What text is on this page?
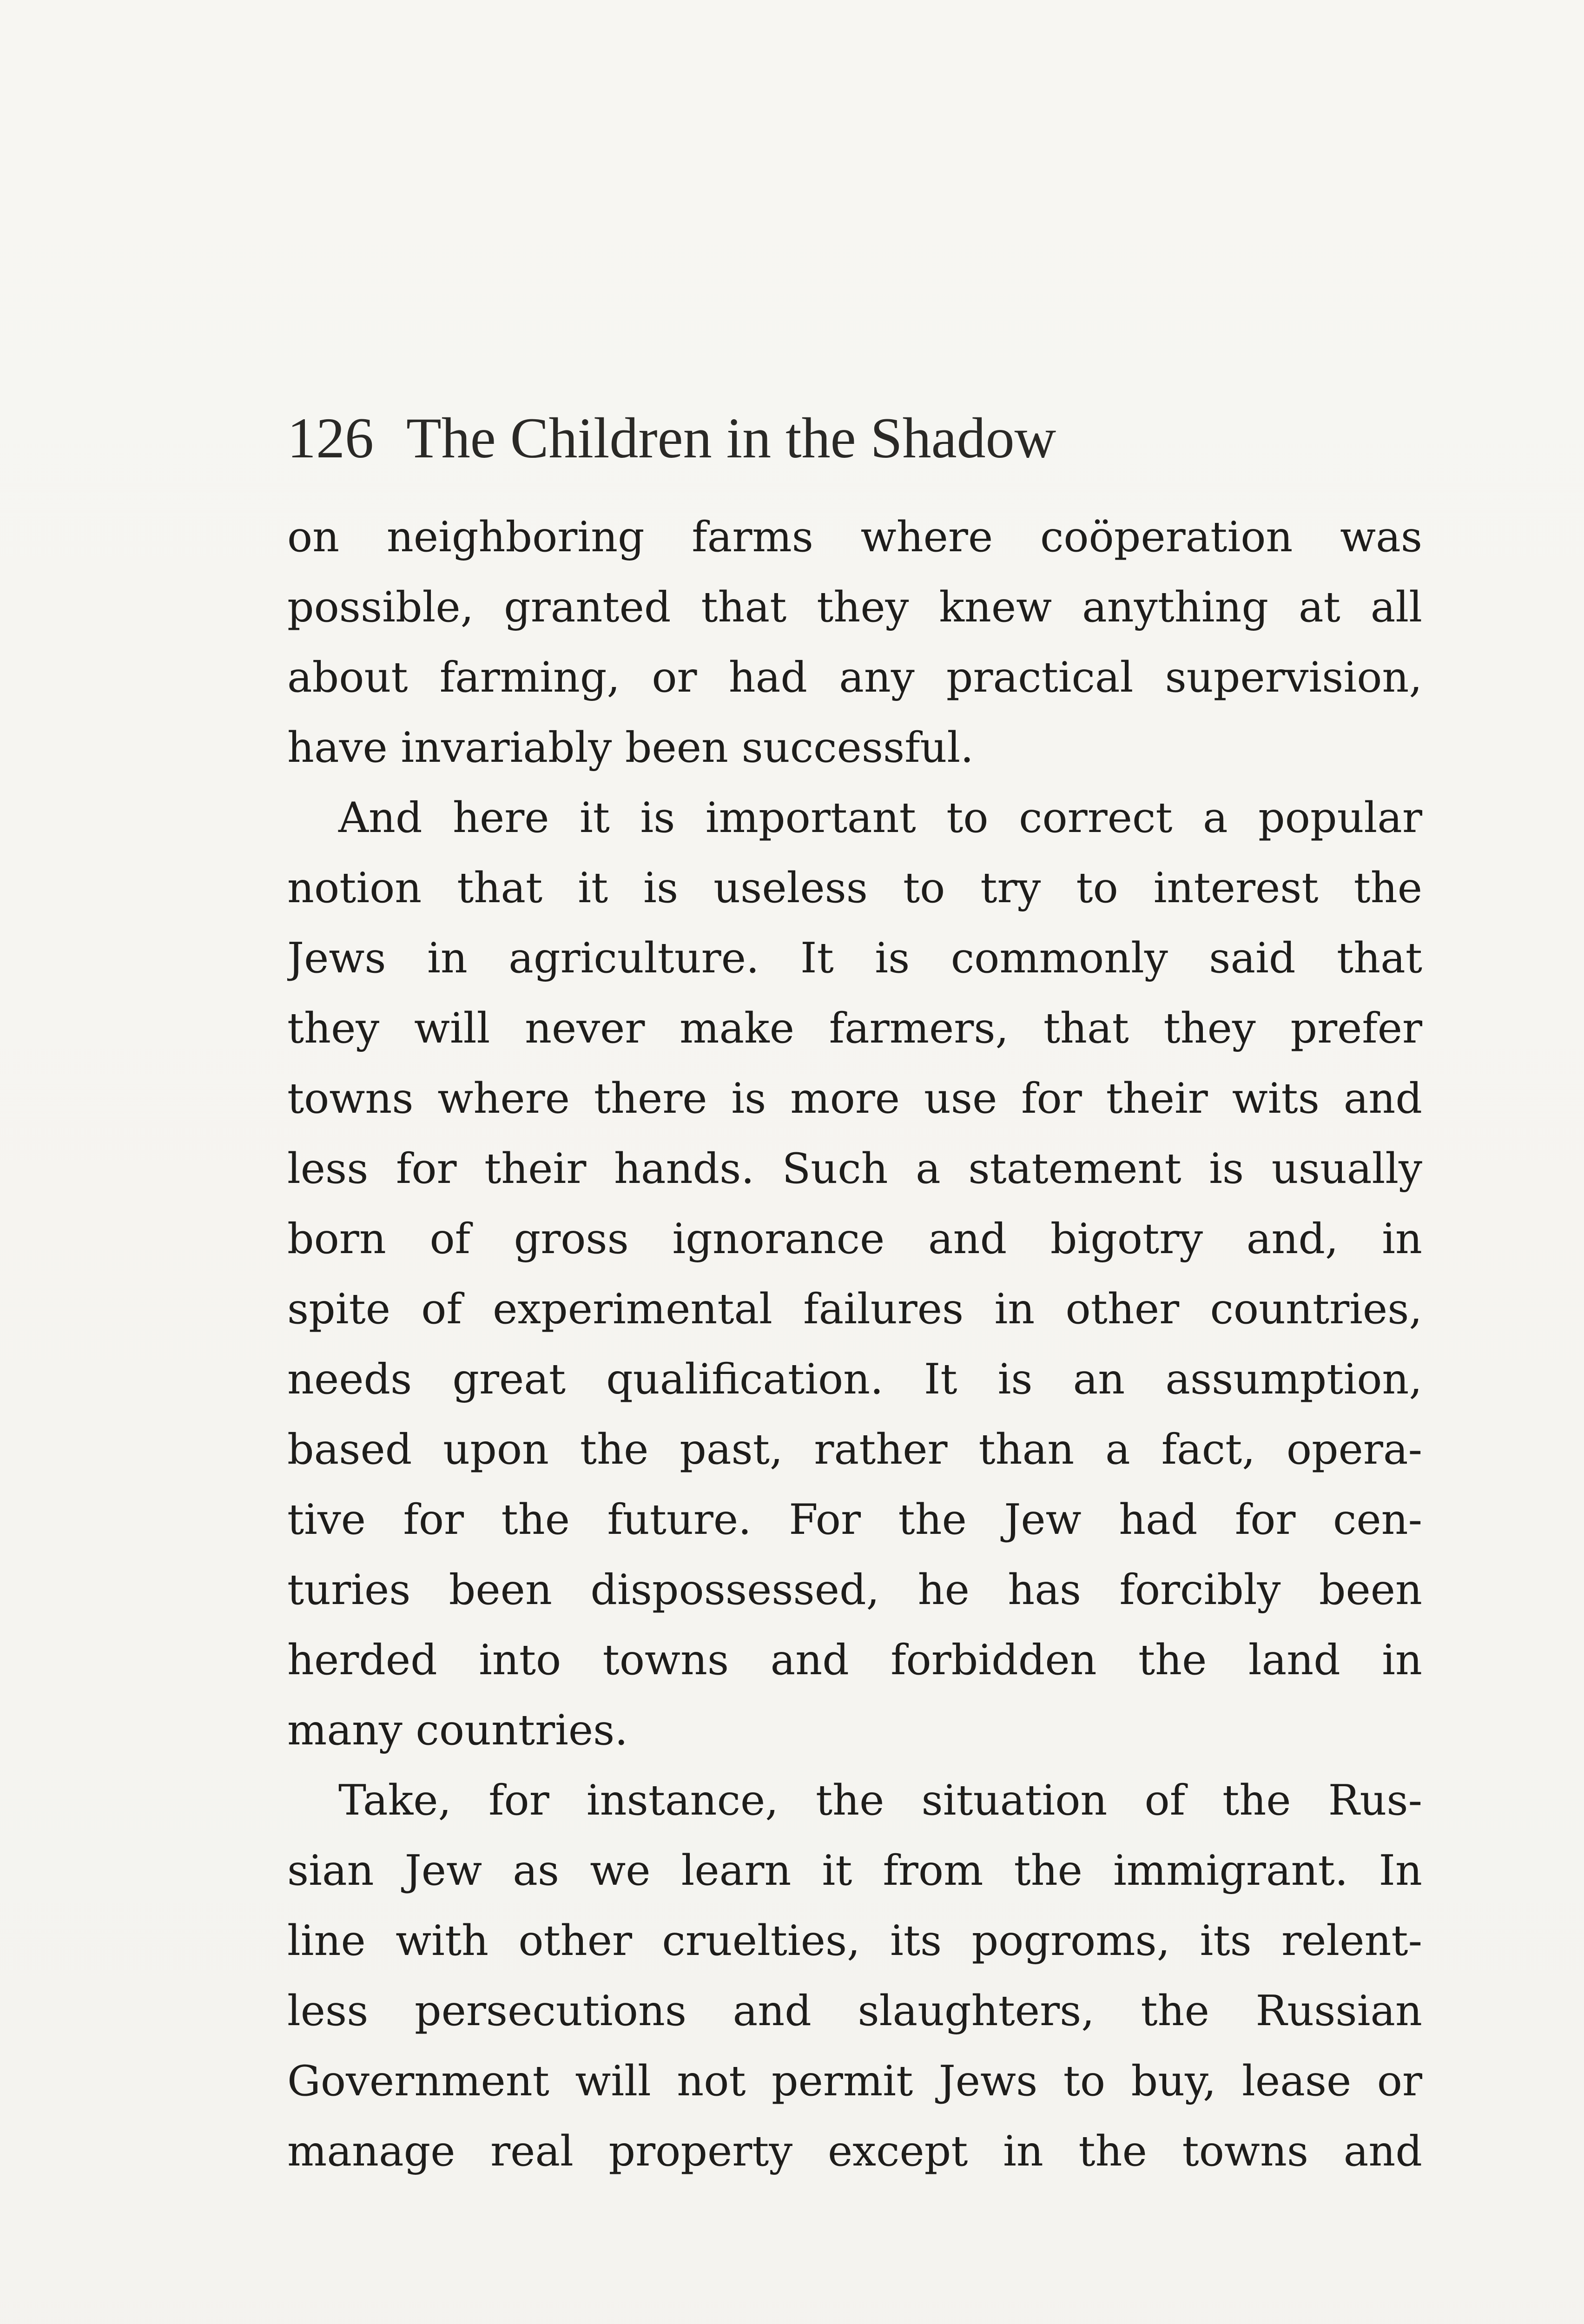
126 The Children in the Shadow
on neighboring farms where coöperation was
possible, granted that they knew anything at all
about farming, or had any practical supervision,
have invariably been successful.
And here it is important to correct a popular
notion that it is useless to try to interest the
Jews in agriculture. It is commonly said that
they will never make farmers, that they prefer
towns where there is more use for their wits and
less for their hands. Such a statement is usually
born of gross ignorance and bigotry and, in
spite of experimental failures in other countries,
needs great qualification. It is an assumption,
based upon the past, rather than a fact, opera-
tive for the future. For the Jew had for cen-
turies been dispossessed, he has forcibly been
herded into towns and forbidden the land in
many countries.
Take, for instance, the situation of the Rus-
sian Jew as we learn it from the immigrant. In
line with other cruelties, its pogroms, its relent-
less persecutions and slaughters, the Russian
Government will not permit Jews to buy, lease or
manage real property except in the towns and
